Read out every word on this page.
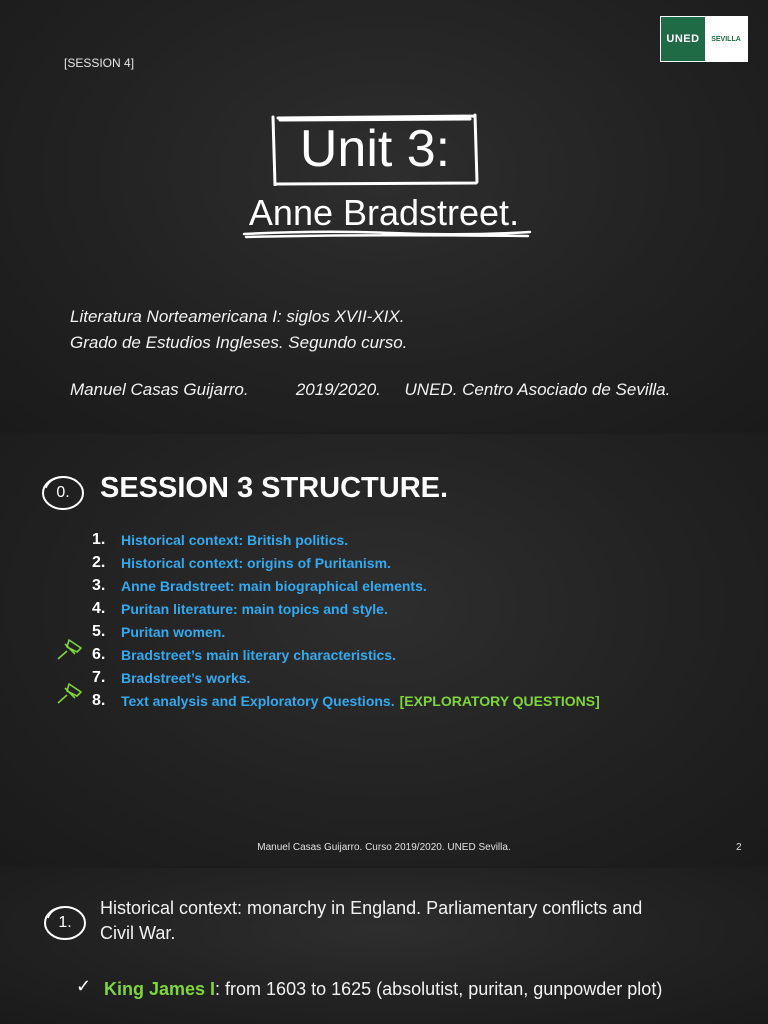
[SESSION 4]
UNED	SEVILLA
Unit 3:
Anne Bradstreet.
Literatura Norteamericana I: siglos XVII-XIX.
Grado de Estudios Ingleses. Segundo curso.
Manuel Casas Guijarro.	2019/2020. UNED. Centro Asociado de Sevilla.
0.	SESSION 3 STRUCTURE.
1.	Historical context: British politics.
2.	Historical context: origins of Puritanism.
3.	Anne Bradstreet: main biographical elements.
4.	Puritan literature: main topics and style.
5.	Puritan women.
6.	Bradstreet’s main literary characteristics.
7.	Bradstreet’s works.
8.	Text analysis and Exploratory Questions. [EXPLORATORY QUESTIONS]
Manuel Casas Guijarro. Curso 2019/2020. UNED Sevilla.	2
1.
Historical context: monarchy in England. Parliamentary conflicts and Civil War.
✓ King James I: from 1603 to 1625 (absolutist, puritan, gunpowder plot)
